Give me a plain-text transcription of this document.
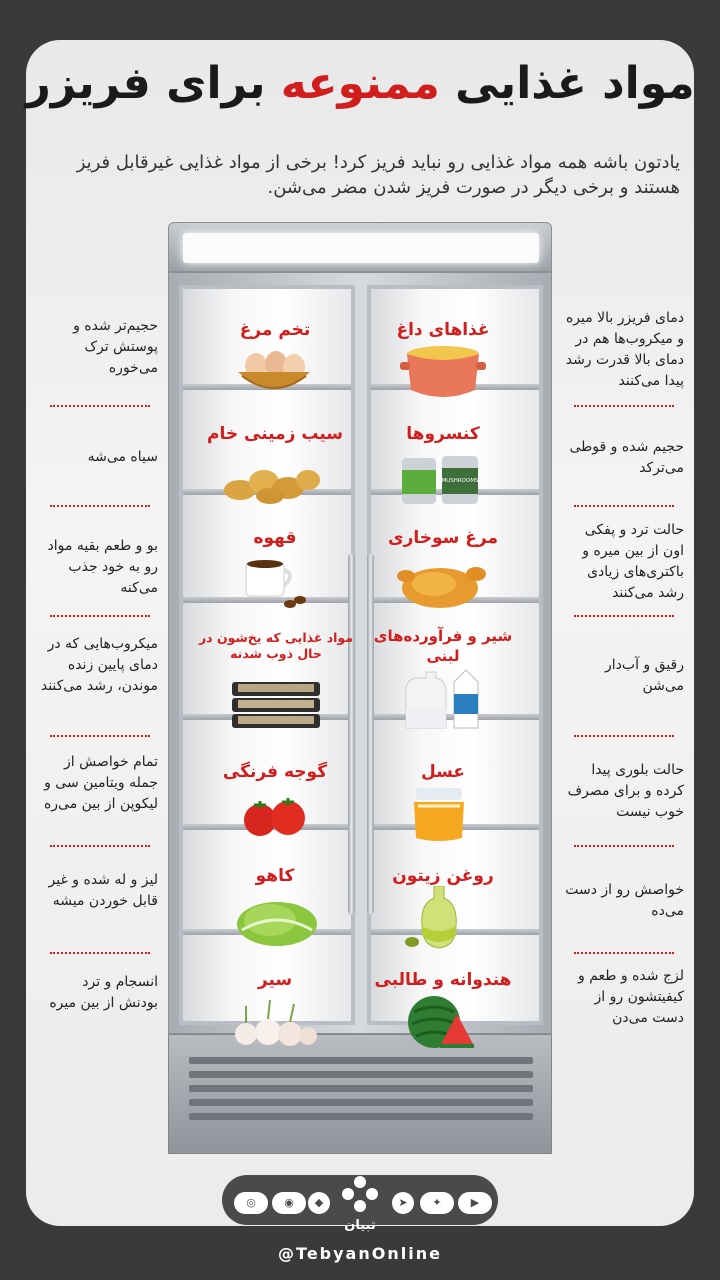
مواد غذایی ممنوعه برای فریزر
یادتون باشه همه مواد غذایی رو نباید فریز کرد! برخی از مواد غذایی غیرقابل فریز هستند و برخی دیگر در صورت فریز شدن مضر می‌شن.
تخم مرغ
سیب زمینی خام
قهوه
مواد غذایی که یخ‌شون در حال ذوب شدنه
گوجه فرنگی
کاهو
سیر
غذاهای داغ
کنسروها
مرغ سوخاری
شیر و فرآورده‌های لبنی
عسل
روغن زیتون
هندوانه و طالبی
MUSHROOMS
حجیم‌تر شده و پوستش ترک می‌خوره
سیاه می‌شه
بو و طعم بقیه مواد رو به خود جذب می‌کنه
میکروب‌هایی که در دمای پایین زنده موندن، رشد می‌کنند
تمام خواصش از جمله ویتامین سی و لیکوپن از بین می‌ره
لیز و له شده و غیر قابل خوردن میشه
انسجام و ترد بودنش از بین میره
دمای فریزر بالا میره و میکروب‌ها هم در دمای بالا قدرت رشد پیدا می‌کنند
حجیم شده و قوطی می‌ترکد
حالت ترد و پفکی اون از بین میره و باکتری‌های زیادی رشد می‌کنند
رقیق و آب‌دار می‌شن
حالت بلوری پیدا کرده و برای مصرف خوب نیست
خواصش رو از دست می‌ده
لزج شده و طعم و کیفیتشون رو از دست می‌دن
◎	◉	◆	➤	✦	▶
تبیان
@TebyanOnline
